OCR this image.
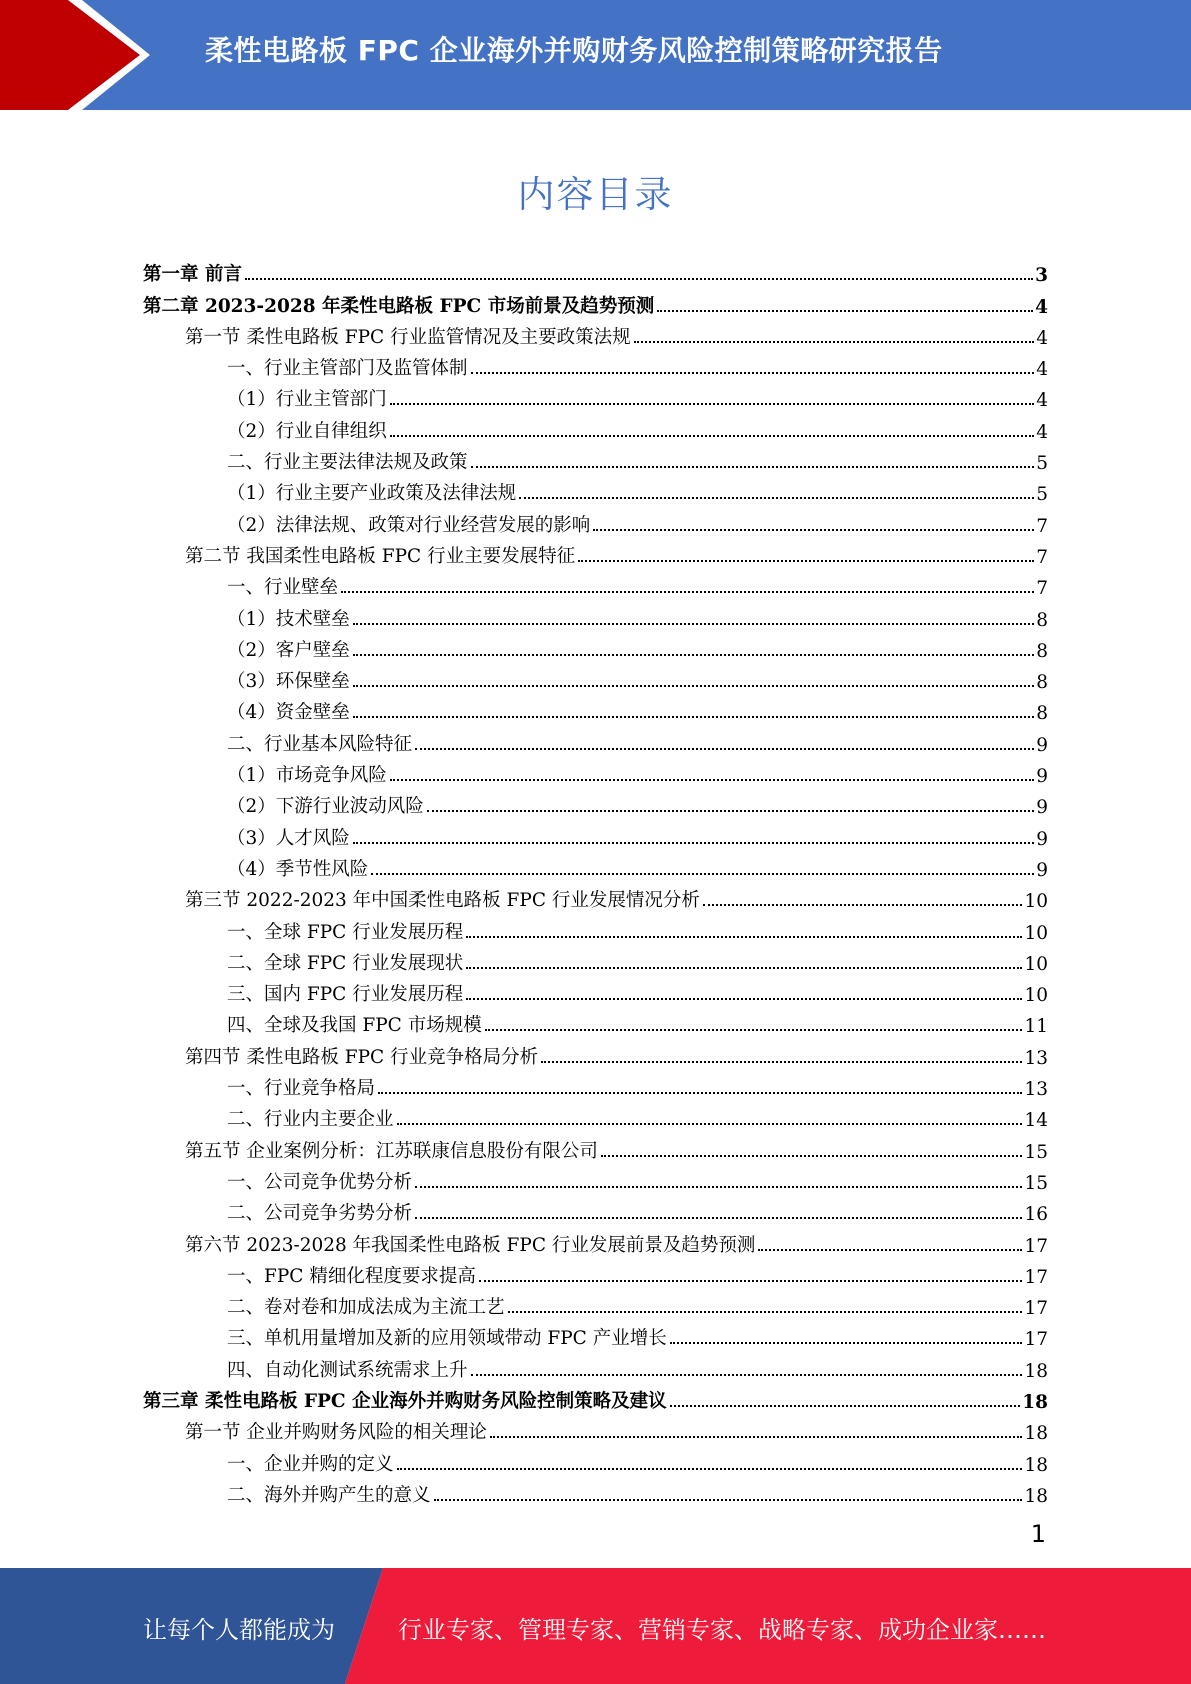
柔性电路板 FPC 企业海外并购财务风险控制策略研究报告
内容目录
第一章 前言	3
第二章 2023-2028 年柔性电路板 FPC 市场前景及趋势预测	4
第一节 柔性电路板 FPC 行业监管情况及主要政策法规	4
一、行业主管部门及监管体制	4
（1）行业主管部门	4
（2）行业自律组织	4
二、行业主要法律法规及政策	5
（1）行业主要产业政策及法律法规	5
（2）法律法规、政策对行业经营发展的影响	7
第二节 我国柔性电路板 FPC 行业主要发展特征	7
一、行业壁垒	7
（1）技术壁垒	8
（2）客户壁垒	8
（3）环保壁垒	8
（4）资金壁垒	8
二、行业基本风险特征	9
（1）市场竞争风险	9
（2）下游行业波动风险	9
（3）人才风险	9
（4）季节性风险	9
第三节 2022-2023 年中国柔性电路板 FPC 行业发展情况分析	10
一、全球 FPC 行业发展历程	10
二、全球 FPC 行业发展现状	10
三、国内 FPC 行业发展历程	10
四、全球及我国 FPC 市场规模	11
第四节 柔性电路板 FPC 行业竞争格局分析	13
一、行业竞争格局	13
二、行业内主要企业	14
第五节 企业案例分析：江苏联康信息股份有限公司	15
一、公司竞争优势分析	15
二、公司竞争劣势分析	16
第六节 2023-2028 年我国柔性电路板 FPC 行业发展前景及趋势预测	17
一、FPC 精细化程度要求提高	17
二、卷对卷和加成法成为主流工艺	17
三、单机用量增加及新的应用领域带动 FPC 产业增长	17
四、自动化测试系统需求上升	18
第三章 柔性电路板 FPC 企业海外并购财务风险控制策略及建议	18
第一节 企业并购财务风险的相关理论	18
一、企业并购的定义	18
二、海外并购产生的意义	18
1
让每个人都能成为	行业专家、管理专家、营销专家、战略专家、成功企业家……
